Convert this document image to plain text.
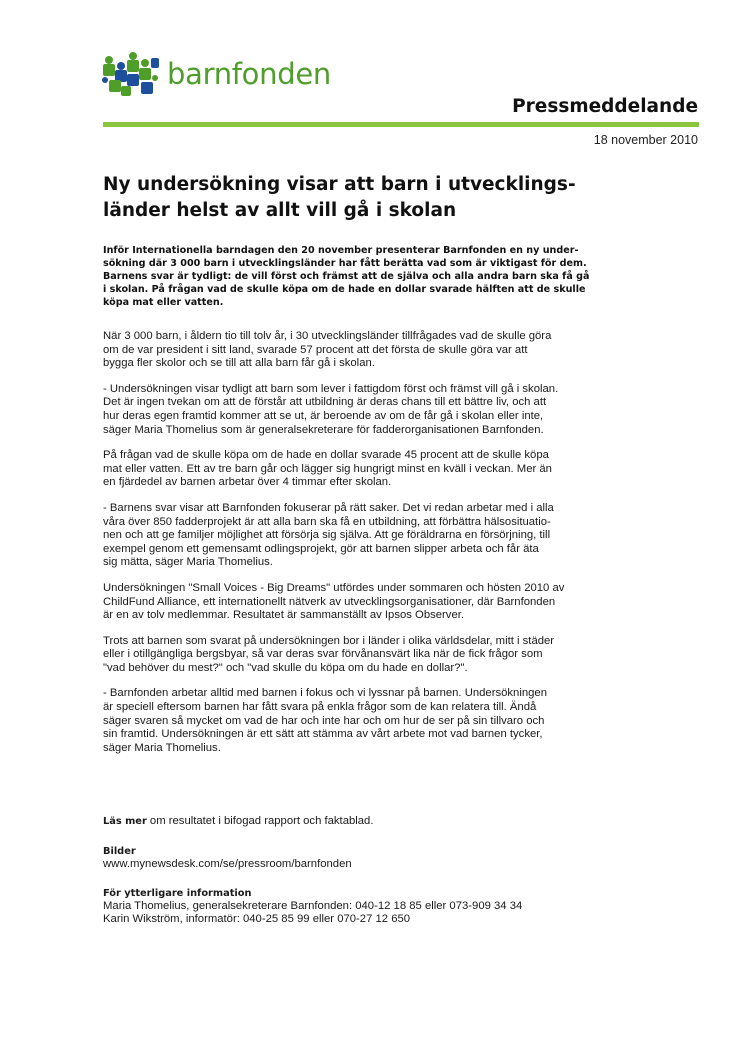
barnfonden
Pressmeddelande
18 november 2010
Ny undersökning visar att barn i utvecklings-
länder helst av allt vill gå i skolan
Inför Internationella barndagen den 20 november presenterar Barnfonden en ny under-
sökning där 3 000 barn i utvecklingsländer har fått berätta vad som är viktigast för dem.
Barnens svar är tydligt: de vill först och främst att de själva och alla andra barn ska få gå
i skolan. På frågan vad de skulle köpa om de hade en dollar svarade hälften att de skulle
köpa mat eller vatten.
När 3 000 barn, i åldern tio till tolv år, i 30 utvecklingsländer tillfrågades vad de skulle göra
om de var president i sitt land, svarade 57 procent att det första de skulle göra var att
bygga fler skolor och se till att alla barn får gå i skolan.
- Undersökningen visar tydligt att barn som lever i fattigdom först och främst vill gå i skolan.
Det är ingen tvekan om att de förstår att utbildning är deras chans till ett bättre liv, och att
hur deras egen framtid kommer att se ut, är beroende av om de får gå i skolan eller inte,
säger Maria Thomelius som är generalsekreterare för fadderorganisationen Barnfonden.
På frågan vad de skulle köpa om de hade en dollar svarade 45 procent att de skulle köpa
mat eller vatten. Ett av tre barn går och lägger sig hungrigt minst en kväll i veckan. Mer än
en fjärdedel av barnen arbetar över 4 timmar efter skolan.
- Barnens svar visar att Barnfonden fokuserar på rätt saker. Det vi redan arbetar med i alla
våra över 850 fadderprojekt är att alla barn ska få en utbildning, att förbättra hälsosituatio-
nen och att ge familjer möjlighet att försörja sig själva. Att ge föräldrarna en försörjning, till
exempel genom ett gemensamt odlingsprojekt, gör att barnen slipper arbeta och får äta
sig mätta, säger Maria Thomelius.
Undersökningen "Small Voices - Big Dreams" utfördes under sommaren och hösten 2010 av
ChildFund Alliance, ett internationellt nätverk av utvecklingsorganisationer, där Barnfonden
är en av tolv medlemmar. Resultatet är sammanställt av Ipsos Observer.
Trots att barnen som svarat på undersökningen bor i länder i olika världsdelar, mitt i städer
eller i otillgängliga bergsbyar, så var deras svar förvånansvärt lika när de fick frågor som
"vad behöver du mest?" och "vad skulle du köpa om du hade en dollar?".
- Barnfonden arbetar alltid med barnen i fokus och vi lyssnar på barnen. Undersökningen
är speciell eftersom barnen har fått svara på enkla frågor som de kan relatera till. Ändå
säger svaren så mycket om vad de har och inte har och om hur de ser på sin tillvaro och
sin framtid. Undersökningen är ett sätt att stämma av vårt arbete mot vad barnen tycker,
säger Maria Thomelius.
Läs mer om resultatet i bifogad rapport och faktablad.
Bilder
www.mynewsdesk.com/se/pressroom/barnfonden
För ytterligare information
Maria Thomelius, generalsekreterare Barnfonden: 040-12 18 85 eller 073-909 34 34
Karin Wikström, informatör: 040-25 85 99 eller 070-27 12 650
